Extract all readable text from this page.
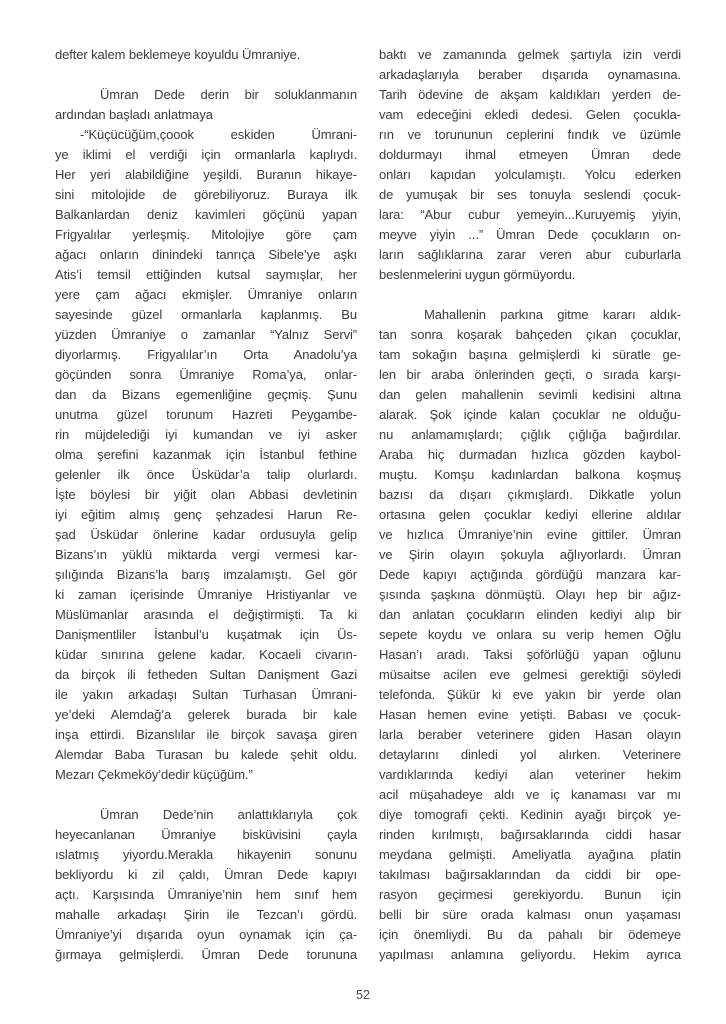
defter kalem beklemeye koyuldu Ümraniye.
Ümran Dede derin bir soluklanmanın
ardından başladı anlatmaya
-“Küçücüğüm,çoook eskiden Ümrani-
ye iklimi el verdiği için ormanlarla kaplıydı.
Her yeri alabildiğine yeşildi. Buranın hikaye-
sini mitolojide de görebiliyoruz. Buraya ilk
Balkanlardan deniz kavimleri göçünü yapan
Frigyalılar yerleşmiş. Mitolojiye göre çam
ağacı onların dinindeki tanrıça Sibele’ye aşkı
Atis’i temsil ettiğinden kutsal saymışlar, her
yere çam ağacı ekmişler. Ümraniye onların
sayesinde güzel ormanlarla kaplanmış. Bu
yüzden Ümraniye o zamanlar “Yalnız Servi”
diyorlarmış. Frigyalılar’ın Orta Anadolu’ya
göçünden sonra Ümraniye Roma’ya, onlar-
dan da Bizans egemenliğine geçmiş. Şunu
unutma güzel torunum Hazreti Peygambe-
rin müjdelediği iyi kumandan ve iyi asker
olma şerefini kazanmak için İstanbul fethine
gelenler ilk önce Üsküdar’a talip olurlardı.
İşte böylesi bir yiğit olan Abbasi devletinin
iyi eğitim almış genç şehzadesi Harun Re-
şad Üsküdar önlerine kadar ordusuyla gelip
Bizans’ın yüklü miktarda vergi vermesi kar-
şılığında Bizans’la barış imzalamıştı. Gel gör
ki zaman içerisinde Ümraniye Hristiyanlar ve
Müslümanlar arasında el değiştirmişti. Ta ki
Danişmentliler İstanbul’u kuşatmak için Üs-
küdar sınırına gelene kadar. Kocaeli civarın-
da birçok ili fetheden Sultan Danişment Gazi
ile yakın arkadaşı Sultan Turhasan Ümrani-
ye’deki Alemdağ’a gelerek burada bir kale
inşa ettirdi. Bizanslılar ile birçok savaşa giren
Alemdar Baba Turasan bu kalede şehit oldu.
Mezarı Çekmeköy’dedir küçüğüm.”
Ümran Dede’nin anlattıklarıyla çok
heyecanlanan Ümraniye bisküvisini çayla
ıslatmış yiyordu.Merakla hikayenin sonunu
bekliyordu ki zil çaldı, Ümran Dede kapıyı
açtı. Karşısında Ümraniye’nin hem sınıf hem
mahalle arkadaşı Şirin ile Tezcan’ı gördü.
Ümraniye’yi dışarıda oyun oynamak için ça-
ğırmaya gelmişlerdi. Ümran Dede torununa
baktı ve zamanında gelmek şartıyla izin verdi
arkadaşlarıyla beraber dışarıda oynamasına.
Tarih ödevine de akşam kaldıkları yerden de-
vam edeceğini ekledi dedesi. Gelen çocukla-
rın ve torununun ceplerini fındık ve üzümle
doldurmayı ihmal etmeyen Ümran dede
onları kapıdan yolculamıştı. Yolcu ederken
de yumuşak bir ses tonuyla seslendi çocuk-
lara: “Abur cubur yemeyin...Kuruyemiş yiyin,
meyve yiyin ...” Ümran Dede çocukların on-
ların sağlıklarına zarar veren abur cuburlarla
beslenmelerini uygun görmüyordu.
Mahallenin parkına gitme kararı aldık-
tan sonra koşarak bahçeden çıkan çocuklar,
tam sokağın başına gelmişlerdi ki süratle ge-
len bir araba önlerinden geçti, o sırada karşı-
dan gelen mahallenin sevimli kedisini altına
alarak. Şok içinde kalan çocuklar ne olduğu-
nu anlamamışlardı; çığlık çığlığa bağırdılar.
Araba hiç durmadan hızlıca gözden kaybol-
muştu. Komşu kadınlardan balkona koşmuş
bazısı da dışarı çıkmışlardı. Dikkatle yolun
ortasına gelen çocuklar kediyi ellerine aldılar
ve hızlıca Ümraniye’nin evine gittiler. Ümran
ve Şirin olayın şokuyla ağlıyorlardı. Ümran
Dede kapıyı açtığında gördüğü manzara kar-
şısında şaşkına dönmüştü. Olayı hep bir ağız-
dan anlatan çocukların elinden kediyi alıp bir
sepete koydu ve onlara su verip hemen Oğlu
Hasan’ı aradı. Taksi şoförlüğü yapan oğlunu
müsaitse acilen eve gelmesi gerektiği söyledi
telefonda. Şükür ki eve yakın bir yerde olan
Hasan hemen evine yetişti. Babası ve çocuk-
larla beraber veterinere giden Hasan olayın
detaylarını dinledi yol alırken. Veterinere
vardıklarında kediyi alan veteriner hekim
acil müşahadeye aldı ve iç kanaması var mı
diye tomografi çekti. Kedinin ayağı birçok ye-
rinden kırılmıştı, bağırsaklarında ciddi hasar
meydana gelmişti. Ameliyatla ayağına platin
takılması bağırsaklarından da ciddi bir ope-
rasyon geçirmesi gerekiyordu. Bunun için
belli bir süre orada kalması onun yaşaması
için önemliydi. Bu da pahalı bir ödemeye
yapılması anlamına geliyordu. Hekim ayrıca
52
